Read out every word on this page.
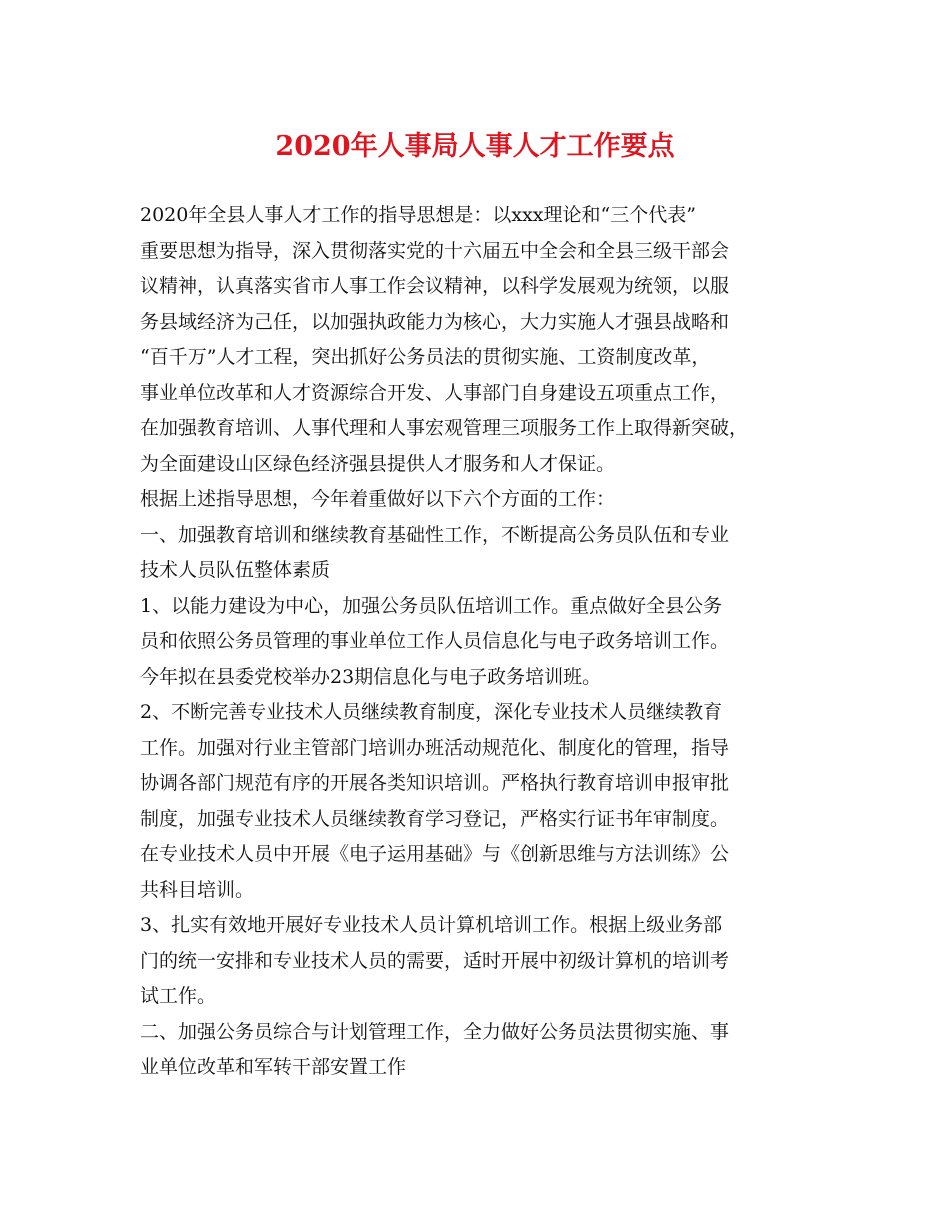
2020年人事局人事人才工作要点
2020年全县人事人才工作的指导思想是：以xxx理论和“三个代表”
重要思想为指导，深入贯彻落实党的十六届五中全会和全县三级干部会
议精神，认真落实省市人事工作会议精神，以科学发展观为统领，以服
务县域经济为己任，以加强执政能力为核心，大力实施人才强县战略和
“百千万”人才工程，突出抓好公务员法的贯彻实施、工资制度改革，
事业单位改革和人才资源综合开发、人事部门自身建设五项重点工作，
在加强教育培训、人事代理和人事宏观管理三项服务工作上取得新突破，
为全面建设山区绿色经济强县提供人才服务和人才保证。
根据上述指导思想，今年着重做好以下六个方面的工作：
一、加强教育培训和继续教育基础性工作，不断提高公务员队伍和专业
技术人员队伍整体素质
1、以能力建设为中心，加强公务员队伍培训工作。重点做好全县公务
员和依照公务员管理的事业单位工作人员信息化与电子政务培训工作。
今年拟在县委党校举办23期信息化与电子政务培训班。
2、不断完善专业技术人员继续教育制度，深化专业技术人员继续教育
工作。加强对行业主管部门培训办班活动规范化、制度化的管理，指导
协调各部门规范有序的开展各类知识培训。严格执行教育培训申报审批
制度，加强专业技术人员继续教育学习登记，严格实行证书年审制度。
在专业技术人员中开展《电子运用基础》与《创新思维与方法训练》公
共科目培训。
3、扎实有效地开展好专业技术人员计算机培训工作。根据上级业务部
门的统一安排和专业技术人员的需要，适时开展中初级计算机的培训考
试工作。
二、加强公务员综合与计划管理工作，全力做好公务员法贯彻实施、事
业单位改革和军转干部安置工作
